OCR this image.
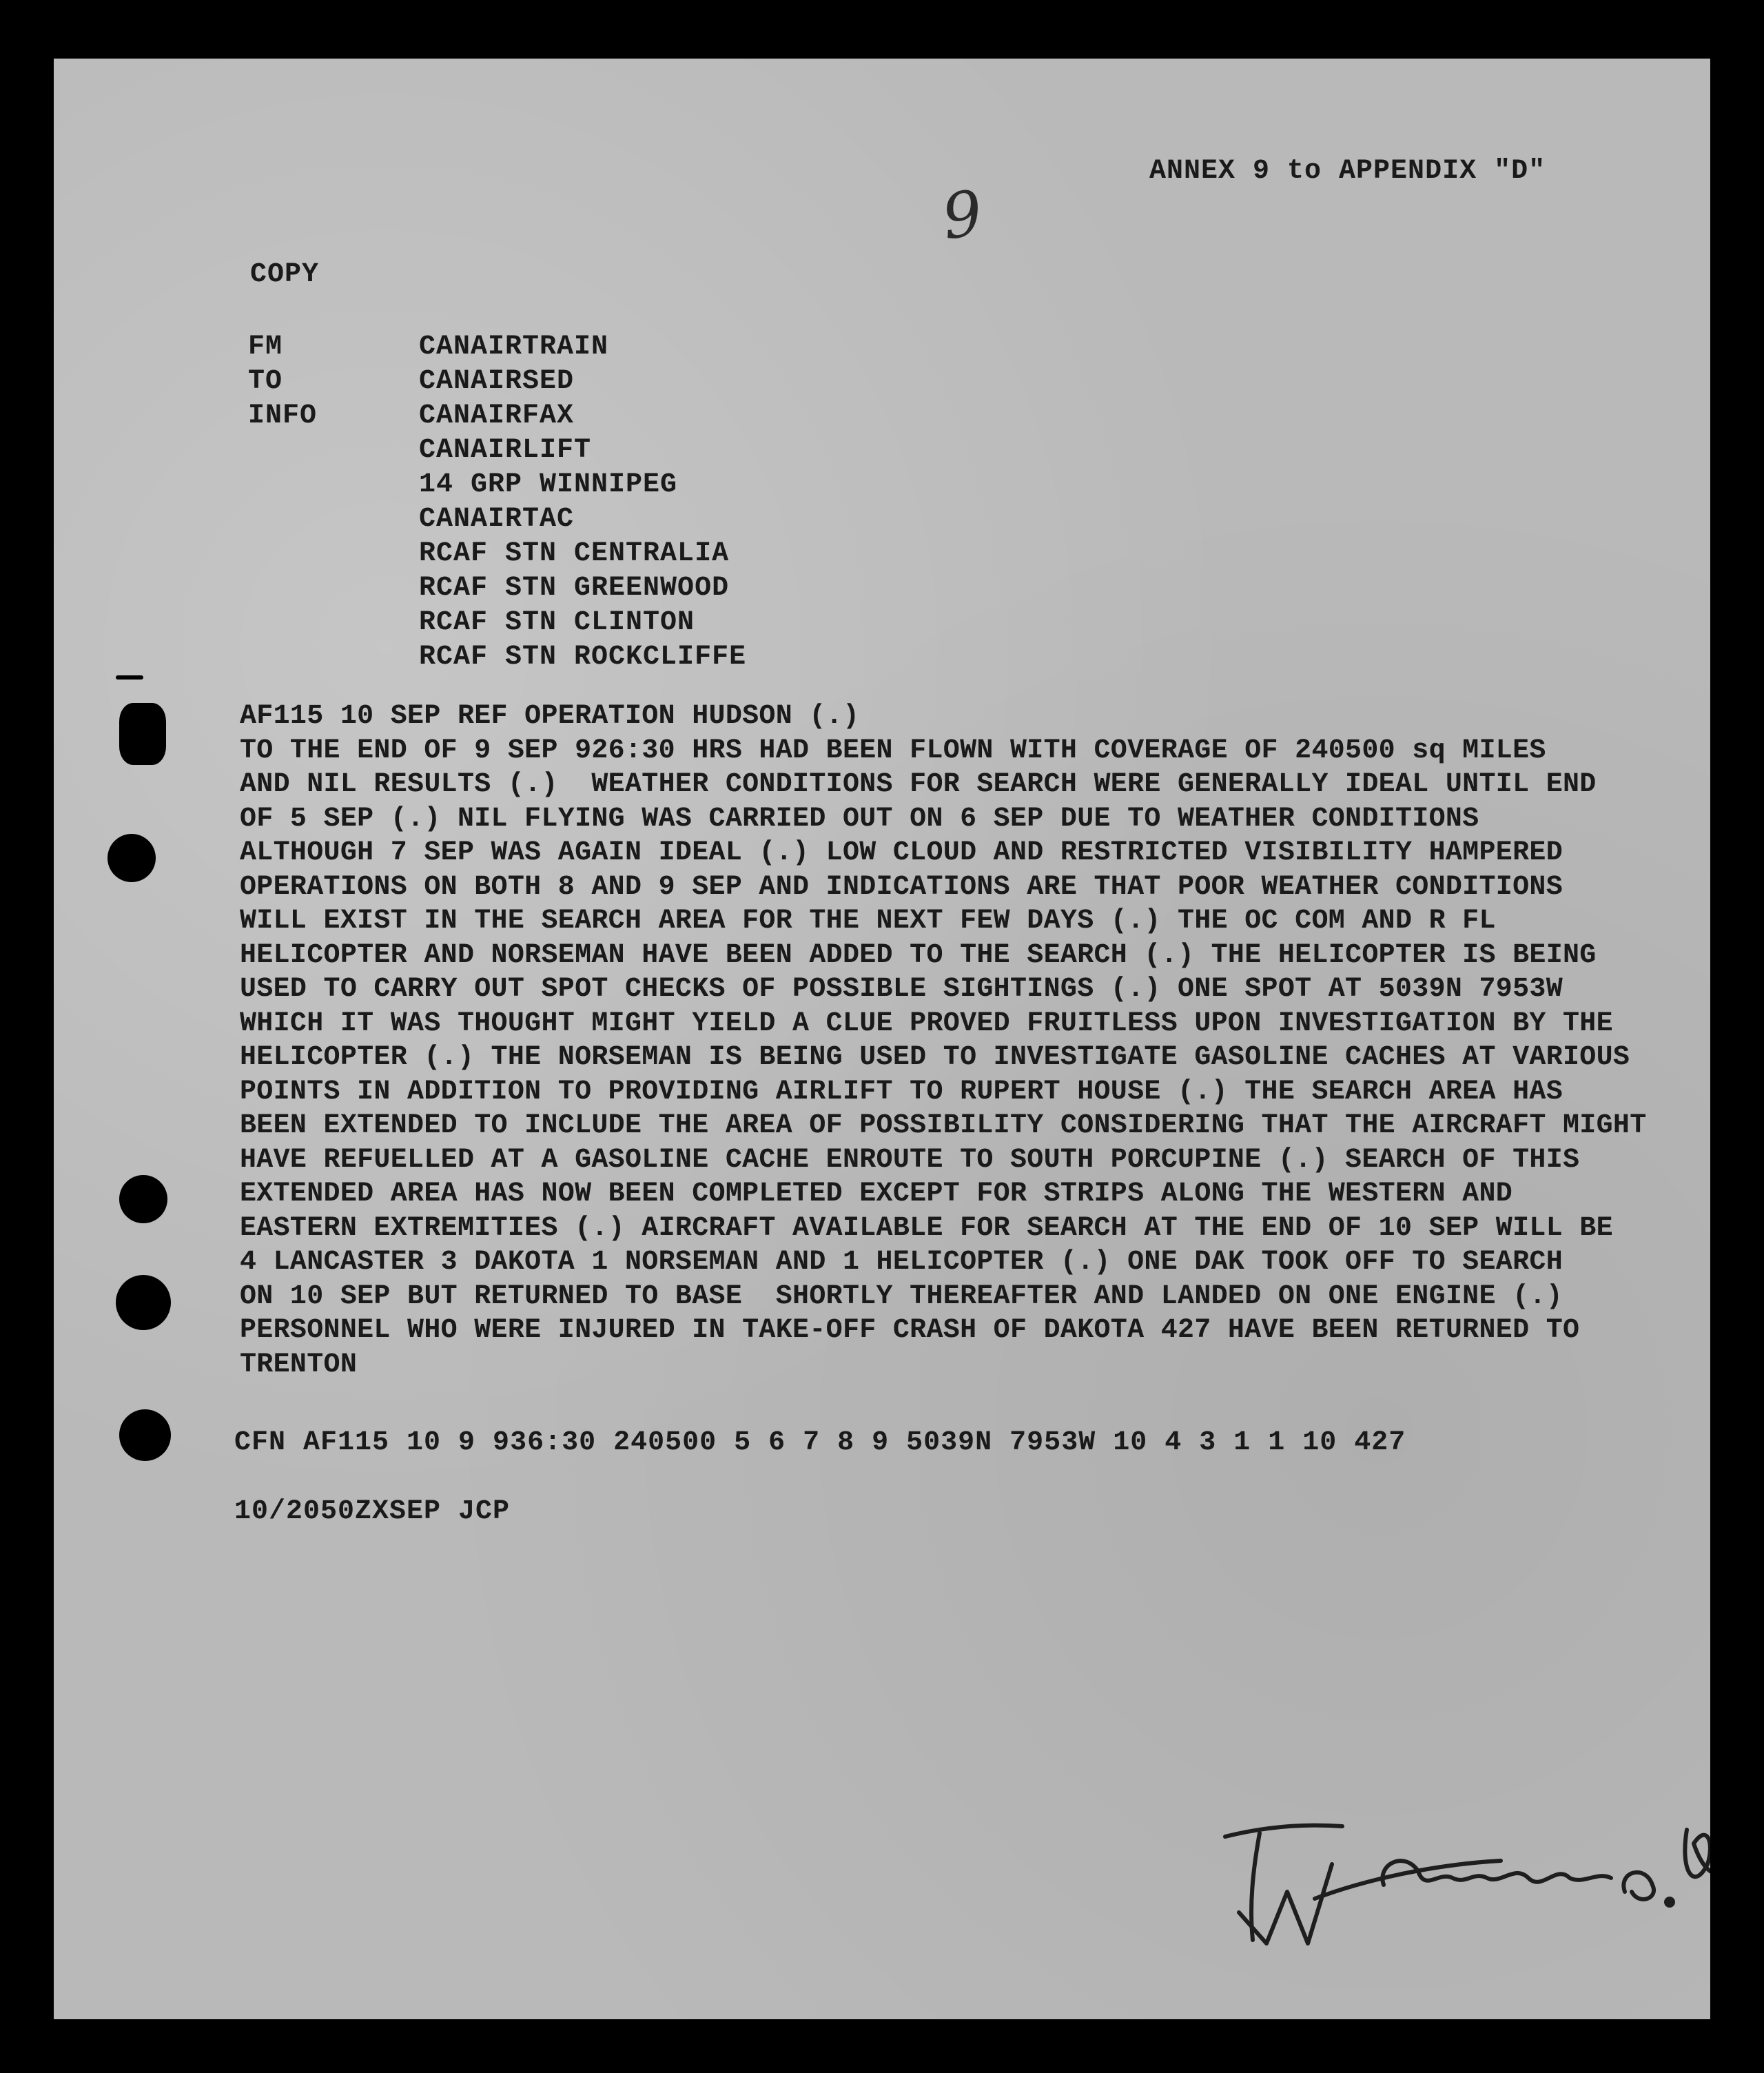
ANNEX 9 to APPENDIX "D"
9
COPY
FM	CANAIRTRAIN
TO	CANAIRSED
INFO	CANAIRFAX
CANAIRLIFT
14 GRP WINNIPEG
CANAIRTAC
RCAF STN CENTRALIA
RCAF STN GREENWOOD
RCAF STN CLINTON
RCAF STN ROCKCLIFFE
AF115 10 SEP REF OPERATION HUDSON (.)
TO THE END OF 9 SEP 926:30 HRS HAD BEEN FLOWN WITH COVERAGE OF 240500 sq MILES
AND NIL RESULTS (.)  WEATHER CONDITIONS FOR SEARCH WERE GENERALLY IDEAL UNTIL END
OF 5 SEP (.) NIL FLYING WAS CARRIED OUT ON 6 SEP DUE TO WEATHER CONDITIONS
ALTHOUGH 7 SEP WAS AGAIN IDEAL (.) LOW CLOUD AND RESTRICTED VISIBILITY HAMPERED
OPERATIONS ON BOTH 8 AND 9 SEP AND INDICATIONS ARE THAT POOR WEATHER CONDITIONS
WILL EXIST IN THE SEARCH AREA FOR THE NEXT FEW DAYS (.) THE OC COM AND R FL
HELICOPTER AND NORSEMAN HAVE BEEN ADDED TO THE SEARCH (.) THE HELICOPTER IS BEING
USED TO CARRY OUT SPOT CHECKS OF POSSIBLE SIGHTINGS (.) ONE SPOT AT 5039N 7953W
WHICH IT WAS THOUGHT MIGHT YIELD A CLUE PROVED FRUITLESS UPON INVESTIGATION BY THE
HELICOPTER (.) THE NORSEMAN IS BEING USED TO INVESTIGATE GASOLINE CACHES AT VARIOUS
POINTS IN ADDITION TO PROVIDING AIRLIFT TO RUPERT HOUSE (.) THE SEARCH AREA HAS
BEEN EXTENDED TO INCLUDE THE AREA OF POSSIBILITY CONSIDERING THAT THE AIRCRAFT MIGHT
HAVE REFUELLED AT A GASOLINE CACHE ENROUTE TO SOUTH PORCUPINE (.) SEARCH OF THIS
EXTENDED AREA HAS NOW BEEN COMPLETED EXCEPT FOR STRIPS ALONG THE WESTERN AND
EASTERN EXTREMITIES (.) AIRCRAFT AVAILABLE FOR SEARCH AT THE END OF 10 SEP WILL BE
4 LANCASTER 3 DAKOTA 1 NORSEMAN AND 1 HELICOPTER (.) ONE DAK TOOK OFF TO SEARCH
ON 10 SEP BUT RETURNED TO BASE  SHORTLY THEREAFTER AND LANDED ON ONE ENGINE (.)
PERSONNEL WHO WERE INJURED IN TAKE-OFF CRASH OF DAKOTA 427 HAVE BEEN RETURNED TO
TRENTON
CFN AF115 10 9 936:30 240500 5 6 7 8 9 5039N 7953W 10 4 3 1 1 10 427
10/2050ZXSEP JCP
